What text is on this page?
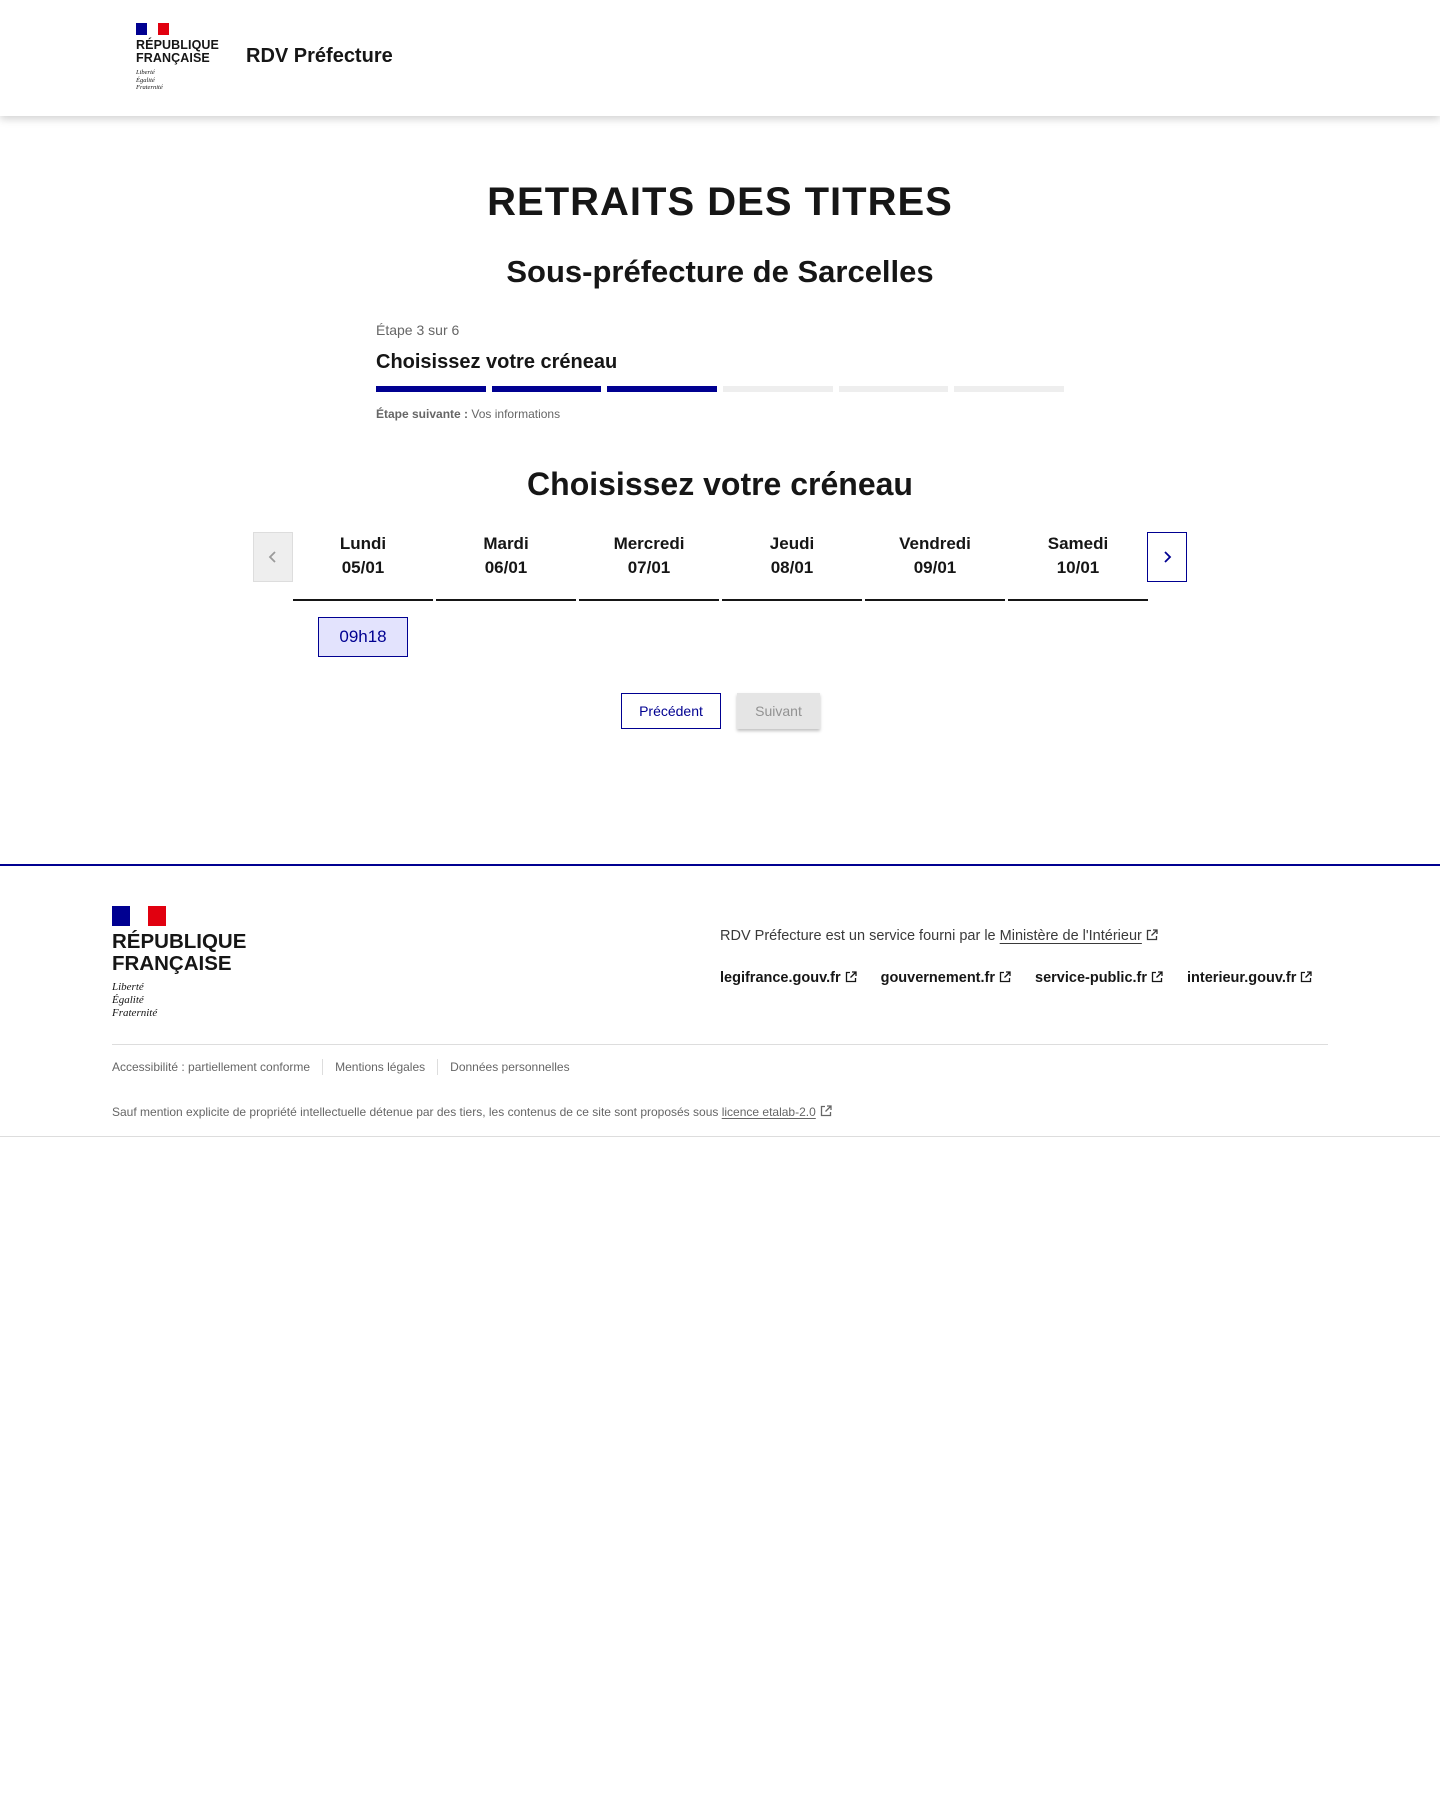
RÉPUBLIQUE
FRANÇAISE
Liberté
Égalité
Fraternité
RDV Préfecture
RETRAITS DES TITRES
Sous-préfecture de Sarcelles
Étape 3 sur 6
Choisissez votre créneau
Étape suivante : Vos informations
Choisissez votre créneau
Lundi
05/01
Mardi
06/01
Mercredi
07/01
Jeudi
08/01
Vendredi
09/01
Samedi
10/01
09h18
Précédent	Suivant
RÉPUBLIQUE
FRANÇAISE
Liberté
Égalité
Fraternité
RDV Préfecture est un service fourni par le Ministère de l'Intérieur
legifrance.gouv.fr	gouvernement.fr	service-public.fr	interieur.gouv.fr
Accessibilité : partiellement conforme	Mentions légales	Données personnelles
Sauf mention explicite de propriété intellectuelle détenue par des tiers, les contenus de ce site sont proposés sous licence etalab-2.0
